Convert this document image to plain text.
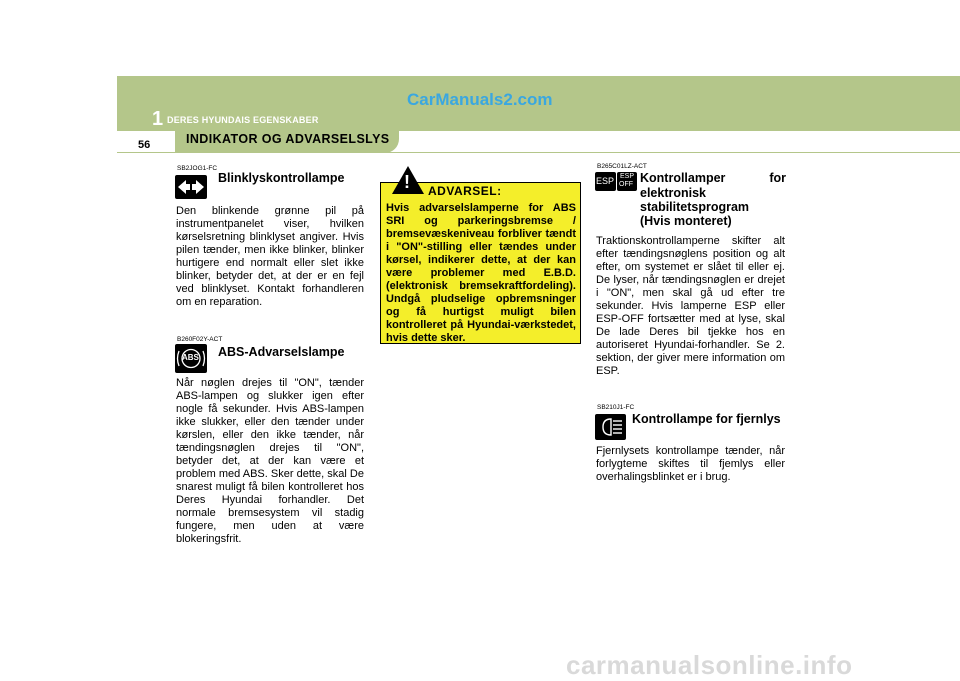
CarManuals2.com
1 DERES HYUNDAIS EGENSKABER
56	INDIKATOR OG ADVARSELSLYS
SB2JOG1-FC
Blinklyskontrollampe
Den blinkende grønne pil på instrumentpanelet viser, hvilken kørselsretning blinklyset angiver. Hvis pilen tænder, men ikke blinker, blinker hurtigere end normalt eller slet ikke blinker, betyder det, at der er en fejl ved blinklyset. Kontakt forhandleren om en reparation.
B260F02Y-ACT
ABS ABS-Advarselslampe
Når nøglen drejes til "ON", tænder ABS-lampen og slukker igen efter nogle få sekunder. Hvis ABS-lampen ikke slukker, eller den tænder under kørslen, eller den ikke tænder, når tændingsnøglen drejes til "ON", betyder det, at der kan være et problem med ABS. Sker dette, skal De snarest muligt få bilen kontrolleret hos Deres Hyundai forhandler. Det normale bremsesystem vil stadig fungere, men uden at være blokeringsfrit.
! ADVARSEL:
Hvis advarselslamperne for ABS SRI og parkeringsbremse / bremsevæskeniveau forbliver tændt i "ON"-stilling eller tændes under kørsel, indikerer dette, at der kan være problemer med E.B.D. (elektronisk bremsekraftfordeling). Undgå pludselige opbremsninger og få hurtigst muligt bilen kontrolleret på Hyundai-værkstedet, hvis dette sker.
B265C01LZ-ACT
ESP ESP
OFF Kontrollamper for
elektronisk
stabilitetsprogram
(Hvis monteret)
Traktionskontrollamperne skifter alt efter tændingsnøglens position og alt efter, om systemet er slået til eller ej. De lyser, når tændingsnøglen er drejet i "ON", men skal gå ud efter tre sekunder. Hvis lamperne ESP eller ESP-OFF fortsætter med at lyse, skal De lade Deres bil tjekke hos en autoriseret Hyundai-forhandler. Se 2. sektion, der giver mere information om ESP.
SB210J1-FC
Kontrollampe for fjernlys
Fjernlysets kontrollampe tænder, når forlygteme skiftes til fjemlys eller overhalingsblinket er i brug.
carmanualsonline.info
